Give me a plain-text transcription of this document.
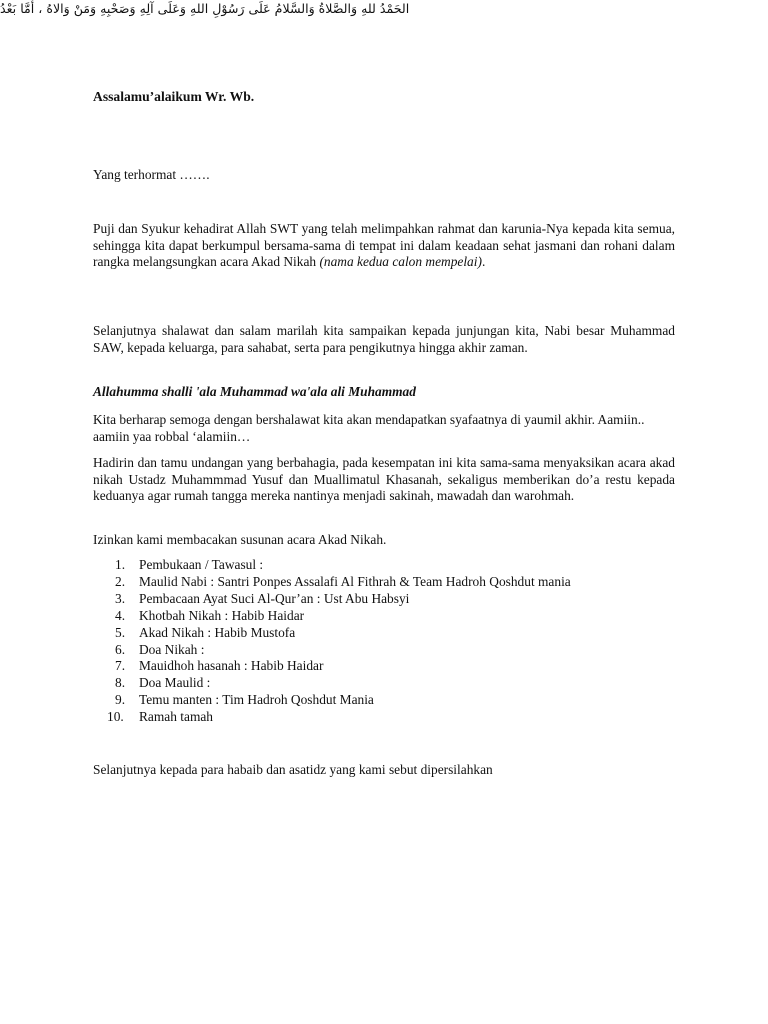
Assalamu’alaikum Wr. Wb.
الحَمْدُ للهِ وَالصَّلاةُ وَالسَّلامُ عَلَى رَسُوْلِ اللهِ وَعَلَى آلِهِ وَصَحْبِهِ وَمَنْ وَالاهُ ، أَمَّا بَعْدُ
Yang terhormat …….
Puji dan Syukur kehadirat Allah SWT yang telah melimpahkan rahmat dan karunia-Nya kepada kita semua, sehingga kita dapat berkumpul bersama-sama di tempat ini dalam keadaan sehat jasmani dan rohani dalam rangka melangsungkan acara Akad Nikah (nama kedua calon mempelai).
Selanjutnya shalawat dan salam marilah kita sampaikan kepada junjungan kita, Nabi besar Muhammad SAW, kepada keluarga, para sahabat, serta para pengikutnya hingga akhir zaman.
Allahumma shalli 'ala Muhammad wa'ala ali Muhammad
Kita berharap semoga dengan bershalawat kita akan mendapatkan syafaatnya di yaumil akhir. Aamiin.. aamiin yaa robbal ‘alamiin…
Hadirin dan tamu undangan yang berbahagia, pada kesempatan ini kita sama-sama menyaksikan acara akad nikah Ustadz Muhammmad Yusuf dan Muallimatul Khasanah, sekaligus memberikan do’a restu kepada keduanya agar rumah tangga mereka nantinya menjadi sakinah, mawadah dan warohmah.
Izinkan kami membacakan susunan acara Akad Nikah.
1. Pembukaan / Tawasul :
2. Maulid Nabi : Santri Ponpes Assalafi Al Fithrah & Team Hadroh Qoshdut mania
3. Pembacaan Ayat Suci Al-Qur’an : Ust Abu Habsyi
4. Khotbah Nikah : Habib Haidar
5. Akad Nikah : Habib Mustofa
6. Doa Nikah :
7. Mauidhoh hasanah : Habib Haidar
8. Doa Maulid :
9. Temu manten : Tim Hadroh Qoshdut Mania
10. Ramah tamah
Selanjutnya kepada para habaib dan asatidz yang kami sebut dipersilahkan
